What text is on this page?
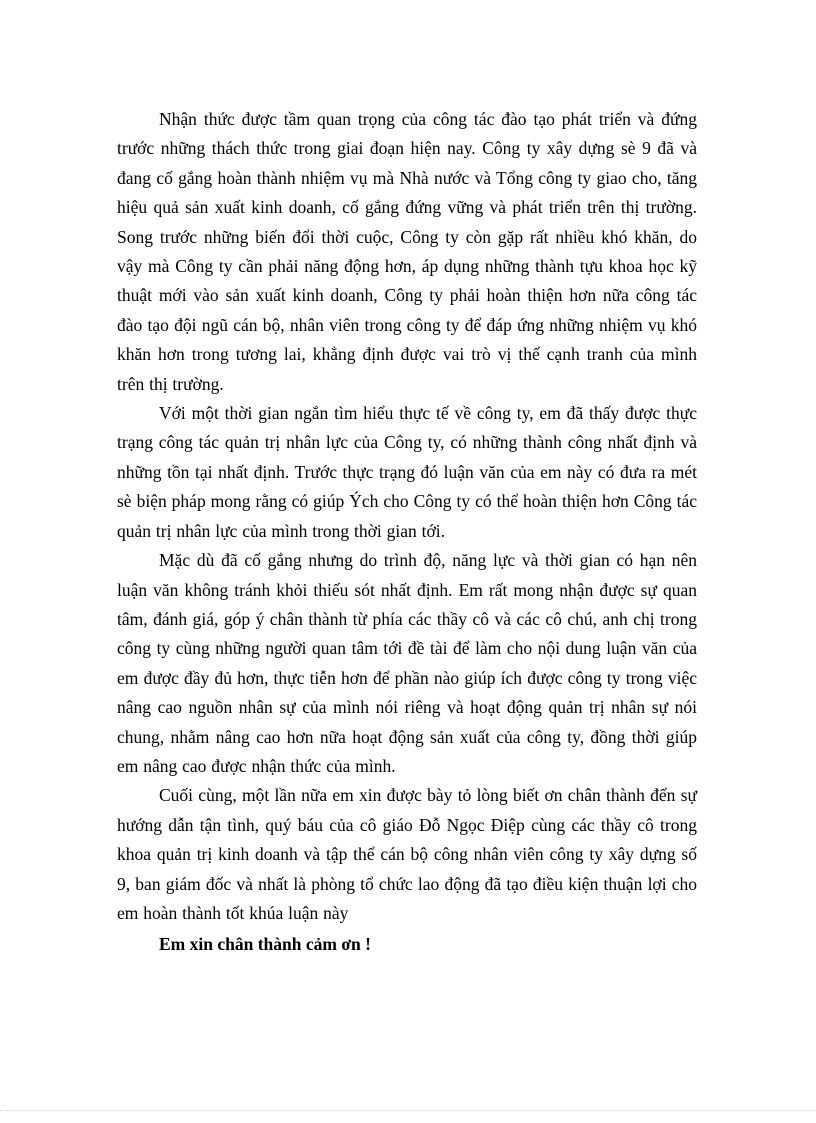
Nhận thức được tầm quan trọng của công tác đào tạo phát triển và đứng trước những thách thức trong giai đoạn hiện nay. Công ty xây dựng sè 9 đã và đang cố gắng hoàn thành nhiệm vụ mà Nhà nước và Tổng công ty giao cho, tăng hiệu quả sản xuất kinh doanh, cố gắng đứng vững và phát triển trên thị trường. Song trước những biến đổi thời cuộc, Công ty còn gặp rất nhiều khó khăn, do vậy mà Công ty cần phải năng động hơn, áp dụng những thành tựu khoa học kỹ thuật mới vào sản xuất kinh doanh, Công ty phải hoàn thiện hơn nữa công tác đào tạo đội ngũ cán bộ, nhân viên trong công ty để đáp ứng những nhiệm vụ khó khăn hơn trong tương lai, khẳng định được vai trò vị thế cạnh tranh của mình trên thị trường.

Với một thời gian ngắn tìm hiểu thực tế về công ty, em đã thấy được thực trạng công tác quản trị nhân lực của Công ty, có những thành công nhất định và những tồn tại nhất định. Trước thực trạng đó luận văn của em này có đưa ra mét sè biện pháp mong rằng có giúp Ých cho Công ty có thể hoàn thiện hơn Công tác quản trị nhân lực của mình trong thời gian tới.

Mặc dù đã cố gắng nhưng do trình độ, năng lực và thời gian có hạn nên luận văn không tránh khỏi thiếu sót nhất định. Em rất mong nhận được sự quan tâm, đánh giá, góp ý chân thành từ phía các thầy cô và các cô chú, anh chị trong công ty cùng những người quan tâm tới đề tài để làm cho nội dung luận văn của em được đầy đủ hơn, thực tiễn hơn để phần nào giúp ích được công ty trong việc nâng cao nguồn nhân sự của mình nói riêng và hoạt động quản trị nhân sự nói chung, nhằm nâng cao hơn nữa hoạt động sản xuất của công ty, đồng thời giúp em nâng cao được nhận thức của mình.

Cuối cùng, một lần nữa em xin được bày tỏ lòng biết ơn chân thành đến sự hướng dẫn tận tình, quý báu của cô giáo Đỗ Ngọc Điệp cùng các thầy cô trong khoa quản trị kinh doanh và tập thể cán bộ công nhân viên công ty xây dựng số 9, ban giám đốc và nhất là phòng tổ chức lao động đã tạo điều kiện thuận lợi cho em hoàn thành tốt khúa luận này

Em xin chân thành cảm ơn !
